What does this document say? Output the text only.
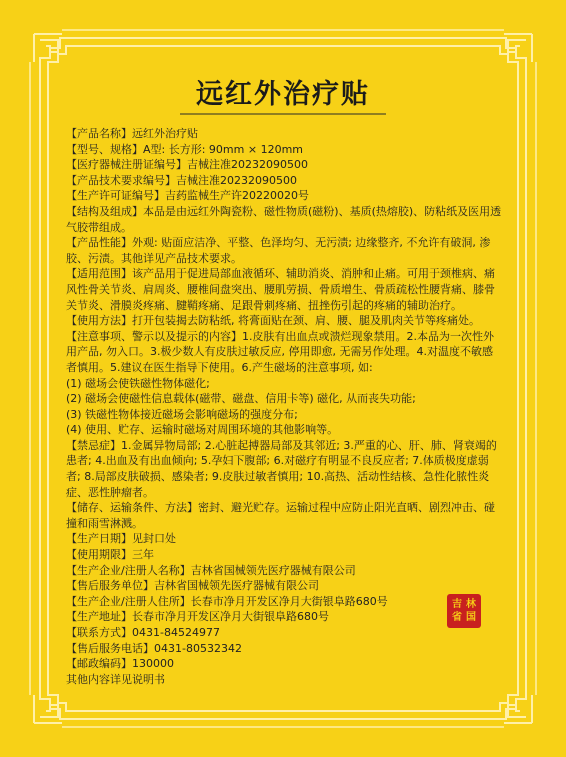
远红外治疗贴

【产品名称】远红外治疗贴

【型号、规格】A型: 长方形: 90mm × 120mm

【医疗器械注册证编号】吉械注准20232090500

【产品技术要求编号】吉械注准20232090500

【生产许可证编号】吉药监械生产许20220020号

【结构及组成】本品是由远红外陶瓷粉、磁性物质(磁粉)、基质(热熔胶)、防粘纸及医用透气胶带组成。

【产品性能】外观: 贴面应洁净、平整、色泽均匀、无污渍; 边缘整齐, 不允许有破洞, 渗胶、污渍。其他详见产品技术要求。

【适用范围】该产品用于促进局部血液循环、辅助消炎、消肿和止痛。可用于颈椎病、痛风性骨关节炎、肩周炎、腰椎间盘突出、腰肌劳损、骨质增生、骨质疏松性腰背痛、膝骨关节炎、滑膜炎疼痛、腱鞘疼痛、足跟骨刺疼痛、扭挫伤引起的疼痛的辅助治疗。

【使用方法】打开包装揭去防粘纸, 将膏面贴在颈、肩、腰、腿及肌肉关节等疼痛处。

【注意事项、警示以及提示的内容】1.皮肤有出血点或溃烂现象禁用。2.本品为一次性外用产品, 勿入口。3.极少数人有皮肤过敏反应, 停用即愈, 无需另作处理。4.对温度不敏感者慎用。5.建议在医生指导下使用。6.产生磁场的注意事项, 如:

(1) 磁场会使铁磁性物体磁化;

(2) 磁场会使磁性信息载体(磁带、磁盘、信用卡等) 磁化, 从而丧失功能;

(3) 铁磁性物体接近磁场会影响磁场的强度分布;

(4) 使用、贮存、运输时磁场对周围环境的其他影响等。

【禁忌症】1.金属异物局部; 2.心脏起搏器局部及其邻近; 3.严重的心、肝、肺、肾衰竭的患者; 4.出血及有出血倾向; 5.孕妇下腹部; 6.对磁疗有明显不良反应者; 7.体质极度虚弱者; 8.局部皮肤破损、感染者; 9.皮肤过敏者慎用; 10.高热、活动性结核、急性化脓性炎症、恶性肿瘤者。

【储存、运输条件、方法】密封、避光贮存。运输过程中应防止阳光直晒、剧烈冲击、碰撞和雨雪淋溅。

【生产日期】见封口处

【使用期限】三年

【生产企业/注册人名称】吉林省国械领先医疗器械有限公司

【售后服务单位】吉林省国械领先医疗器械有限公司

【生产企业/注册人住所】长春市净月开发区净月大街银阜路680号

【生产地址】长春市净月开发区净月大街银阜路680号

【联系方式】0431-84524977

【售后服务电话】0431-80532342

【邮政编码】130000

其他内容详见说明书

吉 林
省 国
